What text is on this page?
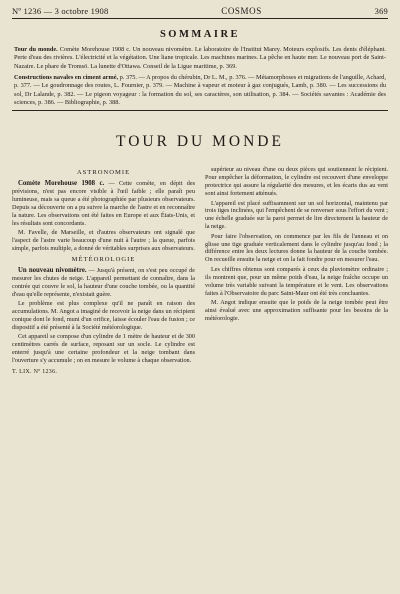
Nº 1236 — 3 octobre 1908	COSMOS	369
SOMMAIRE

Tour du monde. Comète Morehouse 1908 c. Un nouveau nivomètre. Le laboratoire de l'Institut Marey. Moteurs explosifs. Les dents d'éléphant. Perte d'eau des rivières. L'électricité et la végétation. Une liane tropicale. Les machines marines. La pêche en haute mer. Le nouveau port de Saint-Nazaire. Le phare de Tromsö. La lunette d'Ottawa. Conseil de la Ligue maritime, p. 369.

Constructions navales en ciment armé, p. 375. — A propos du chérubin, Dr L. M., p. 376. — Métamorphoses et migrations de l'anguille, Achard, p. 377. — Le goudronnage des routes, L. Fournier, p. 379. — Machine à vapeur et moteur à gaz conjugués, Lamb, p. 380. — Les successions du sol, Dr Lalande, p. 382. — Le pigeon voyageur : la formation du sol, ses caractères, son utilisation, p. 384. — Sociétés savantes : Académie des sciences, p. 386. — Bibliographie, p. 388.

TOUR DU MONDE
ASTRONOMIE

Comète Morehouse 1908 c. — Cette comète, en dépit des prévisions, n'est pas encore visible à l'œil faible ; elle paraît peu lumineuse, mais sa queue a été photographiée par plusieurs observateurs. Depuis sa découverte on a pu suivre la marche de l'astre et en reconnaître la nature. Les observations ont été faites en Europe et aux États-Unis, et les résultats sont concordants.

M. Favelle, de Marseille, et d'autres observateurs ont signalé que l'aspect de l'astre varie beaucoup d'une nuit à l'autre ; la queue, parfois simple, parfois multiple, a donné de véritables surprises aux observateurs.

MÉTÉOROLOGIE

Un nouveau nivomètre. — Jusqu'à présent, on s'est peu occupé de mesurer les chutes de neige. L'appareil permettant de connaître, dans la contrée qui couvre le sol, la hauteur d'une couche tombée, ou la quantité d'eau qu'elle représente, n'existait guère.

Le problème est plus complexe qu'il ne paraît en raison des accumulations. M. Angot a imaginé de recevoir la neige dans un récipient conique dont le fond, muni d'un orifice, laisse écouler l'eau de fusion ; ce dispositif a été présenté à la Société météorologique.

Cet appareil se compose d'un cylindre de 1 mètre de hauteur et de 300 centimètres carrés de surface, reposant sur un socle. Le cylindre est enterré jusqu'à une certaine profondeur et la neige tombant dans l'ouverture s'y accumule ; on en mesure le volume à chaque observation.

T. LIX. Nº 1236.

supérieur au niveau d'une ou deux pièces qui soutiennent le récipient. Pour empêcher la déformation, le cylindre est recouvert d'une enveloppe protectrice qui assure la régularité des mesures, et les écarts dus au vent sont ainsi fortement atténués.

L'appareil est placé suffisamment sur un sol horizontal, maintenu par trois tiges inclinées, qui l'empêchent de se renverser sous l'effort du vent ; une échelle graduée sur la paroi permet de lire directement la hauteur de la neige.

Pour faire l'observation, on commence par les fils de l'anneau et on glisse une tige graduée verticalement dans le cylindre jusqu'au fond ; la différence entre les deux lectures donne la hauteur de la couche tombée. On recueille ensuite la neige et on la fait fondre pour en mesurer l'eau.

Les chiffres obtenus sont comparés à ceux du pluviomètre ordinaire ; ils montrent que, pour un même poids d'eau, la neige fraîche occupe un volume très variable suivant la température et le vent. Les observations faites à l'Observatoire du parc Saint-Maur ont été très concluantes.

M. Angot indique ensuite que le poids de la neige tombée peut être ainsi évalué avec une approximation suffisante pour les besoins de la météorologie.
